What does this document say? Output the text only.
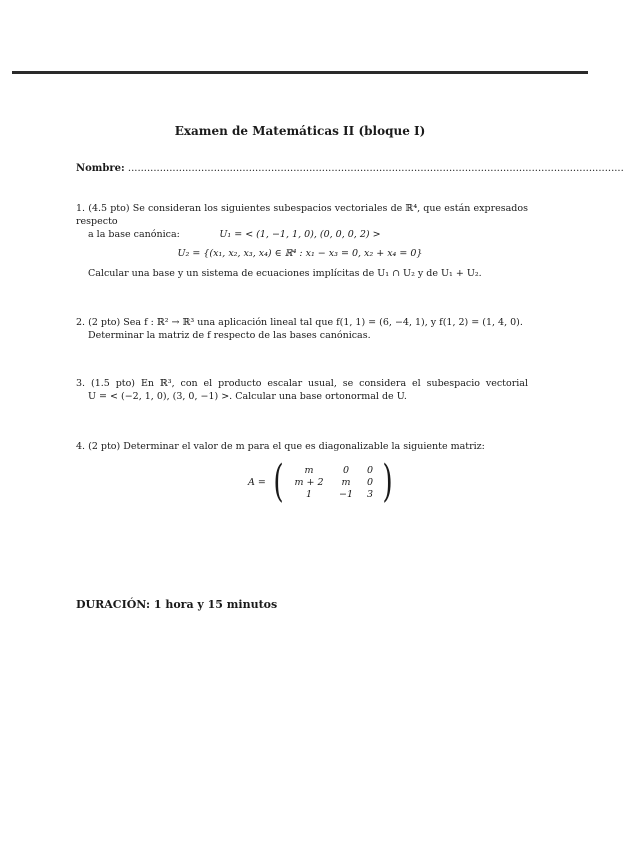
Examen de Matemáticas II (bloque I)
Nombre: ............................................................................................................................................................
1. (4.5 pto) Se consideran los siguientes subespacios vectoriales de ℝ⁴, que están expresados respecto
a la base canónica:	U₁ = < (1, −1, 1, 0), (0, 0, 0, 2) >
U₂ = {(x₁, x₂, x₃, x₄) ∈ ℝ⁴ : x₁ − x₃ = 0, x₂ + x₄ = 0}
Calcular una base y un sistema de ecuaciones implícitas de U₁ ∩ U₂ y de U₁ + U₂.
2. (2 pto) Sea f : ℝ² → ℝ³ una aplicación lineal tal que f(1, 1) = (6, −4, 1), y f(1, 2) = (1, 4, 0).
Determinar la matriz de f respecto de las bases canónicas.
3. (1.5 pto) En ℝ³, con el producto escalar usual, se considera el subespacio vectorial
U = < (−2, 1, 0), (3, 0, −1) >. Calcular una base ortonormal de U.
4. (2 pto) Determinar el valor de m para el que es diagonalizable la siguiente matriz:
A = (	m	0	0
m + 2	m	0
1	−1	3 )
DURACIÓN: 1 hora y 15 minutos
